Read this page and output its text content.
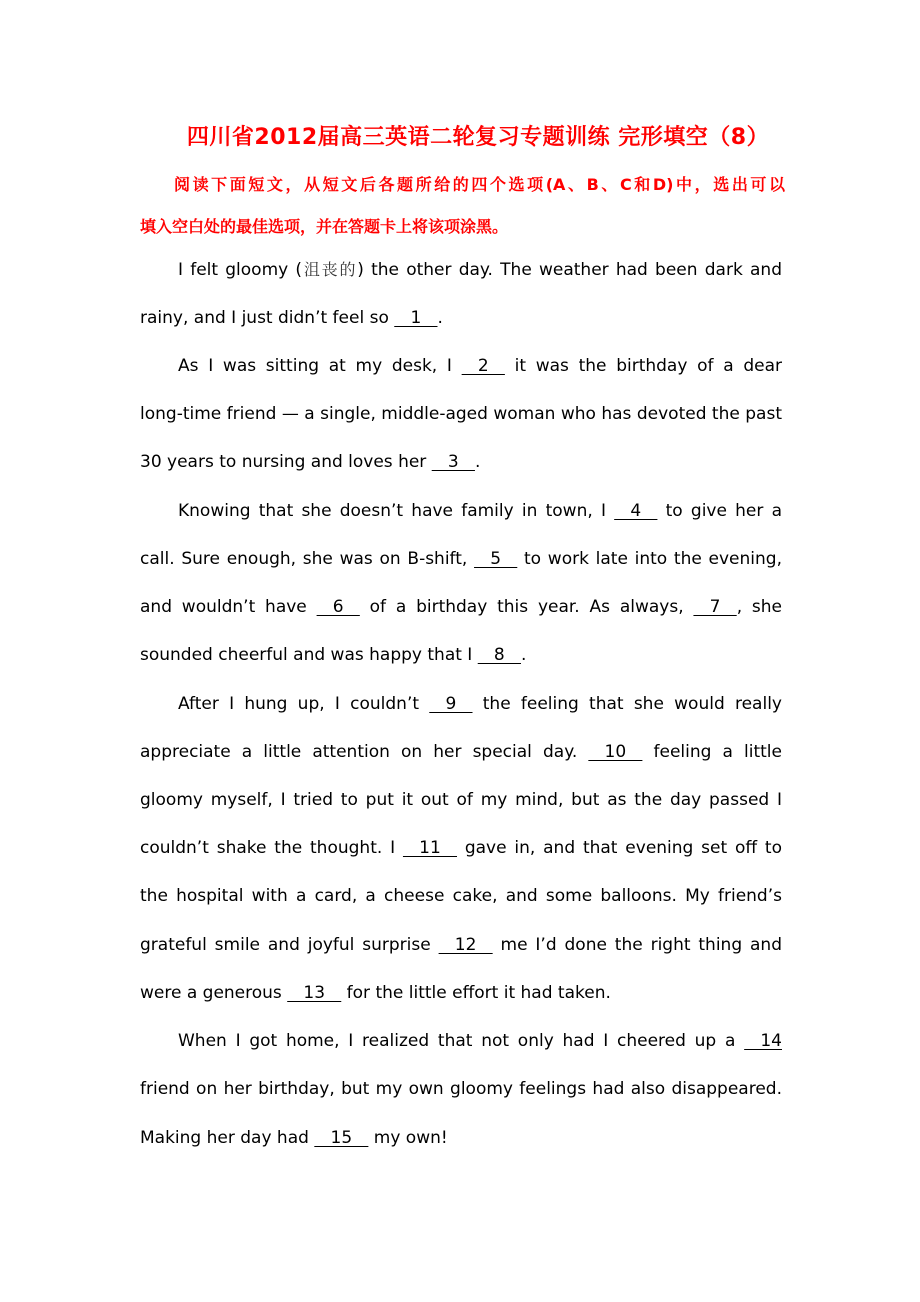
四川省2012届高三英语二轮复习专题训练 完形填空（8）
阅读下面短文，从短文后各题所给的四个选项(A、B、C和D)中，选出可以
填入空白处的最佳选项，并在答题卡上将该项涂黑。
I felt gloomy (沮丧的) the other day. The weather had been dark and
rainy, and I just didn’t feel so    1   .
As I was sitting at my desk, I    2    it was the birthday of a dear
long-time friend — a single, middle-aged woman who has devoted the past
30 years to nursing and loves her    3   .
Knowing that she doesn’t have family in town, I    4    to give her a
call. Sure enough, she was on B-shift,    5    to work late into the evening,
and wouldn’t have    6    of a birthday this year. As always,    7   , she
sounded cheerful and was happy that I    8   .
After I hung up, I couldn’t    9    the feeling that she would really
appreciate a little attention on her special day.    10    feeling a little
gloomy myself, I tried to put it out of my mind, but as the day passed I
couldn’t shake the thought. I    11    gave in, and that evening set off to
the hospital with a card, a cheese cake, and some balloons. My friend’s
grateful smile and joyful surprise    12    me I’d done the right thing and
were a generous    13    for the little effort it had taken.
When I got home, I realized that not only had I cheered up a    14
friend on her birthday, but my own gloomy feelings had also disappeared.
Making her day had    15    my own!
